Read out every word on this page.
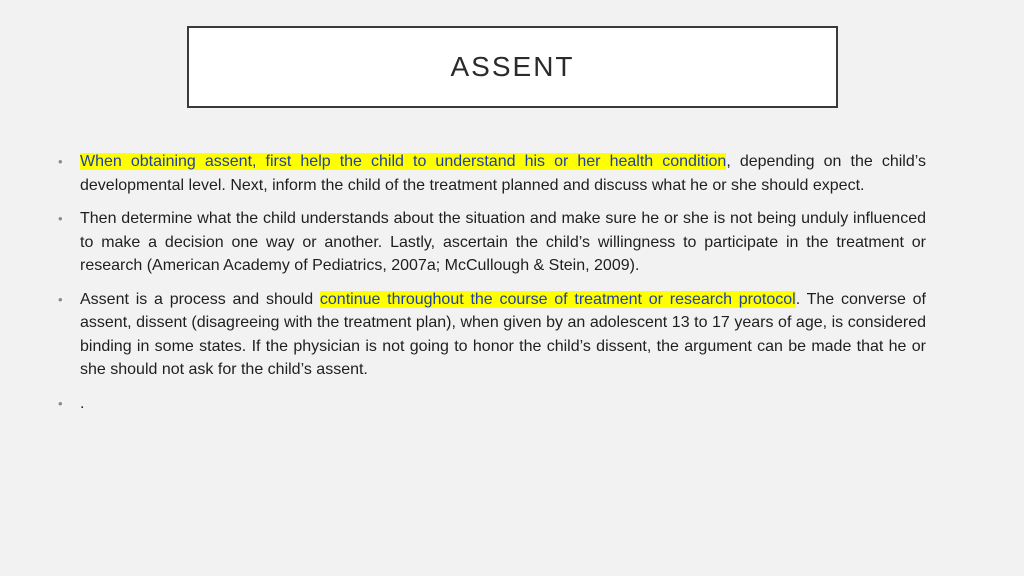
ASSENT
• When obtaining assent, first help the child to understand his or her health condition, depending on the child’s developmental level. Next, inform the child of the treatment planned and discuss what he or she should expect.
• Then determine what the child understands about the situation and make sure he or she is not being unduly influenced to make a decision one way or another. Lastly, ascertain the child’s willingness to participate in the treatment or research (American Academy of Pediatrics, 2007a; McCullough & Stein, 2009).
• Assent is a process and should continue throughout the course of treatment or research protocol. The converse of assent, dissent (disagreeing with the treatment plan), when given by an adolescent 13 to 17 years of age, is considered binding in some states. If the physician is not going to honor the child’s dissent, the argument can be made that he or she should not ask for the child’s assent.
• .
